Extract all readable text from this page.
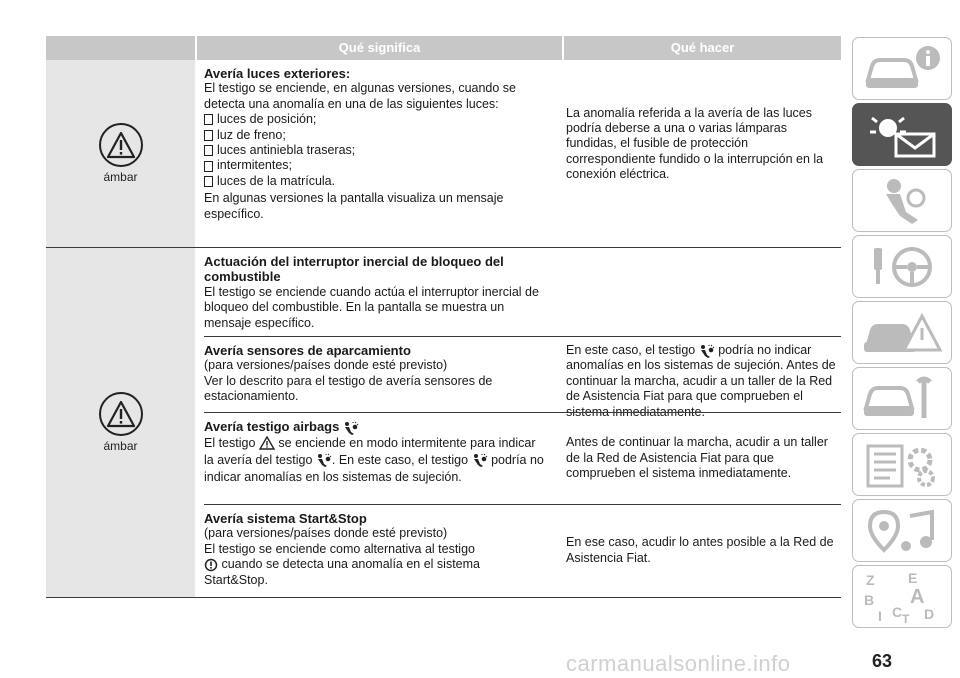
Qué significa	Qué hacer
ámbar
Avería luces exteriores:
El testigo se enciende, en algunas versiones, cuando se detecta una anomalía en una de las siguientes luces:
luces de posición;
luz de freno;
luces antiniebla traseras;
intermitentes;
luces de la matrícula.
En algunas versiones la pantalla visualiza un mensaje específico.
La anomalía referida a la avería de las luces podría deberse a una o varias lámparas fundidas, el fusible de protección correspondiente fundido o la interrupción en la conexión eléctrica.
ámbar
Actuación del interruptor inercial de bloqueo del combustible
El testigo se enciende cuando actúa el interruptor inercial de bloqueo del combustible. En la pantalla se muestra un mensaje específico.
Avería sensores de aparcamiento
(para versiones/países donde esté previsto)
Ver lo descrito para el testigo de avería sensores de estacionamiento.
En este caso, el testigo podría no indicar anomalías en los sistemas de sujeción. Antes de continuar la marcha, acudir a un taller de la Red de Asistencia Fiat para que comprueben el sistema inmediatamente.
Avería testigo airbags
El testigo se enciende en modo intermitente para indicar la avería del testigo . En este caso, el testigo podría no indicar anomalías en los sistemas de sujeción.
Antes de continuar la marcha, acudir a un taller de la Red de Asistencia Fiat para que comprueben el sistema inmediatamente.
Avería sistema Start&Stop
(para versiones/países donde esté previsto)
El testigo se enciende como alternativa al testigo
cuando se detecta una anomalía en el sistema Start&Stop.
En ese caso, acudir lo antes posible a la Red de Asistencia Fiat.
Z E
B A
I C T D
carmanualsonline.info	63
